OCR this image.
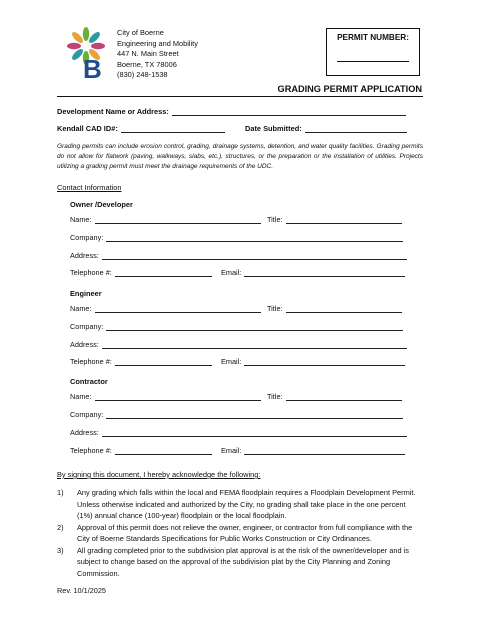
B
City of Boerne
Engineering and Mobility
447 N. Main Street
Boerne, TX 78006
(830) 248-1538
PERMIT NUMBER:
GRADING PERMIT APPLICATION
Development Name or Address:
Kendall CAD ID#:	Date Submitted:
Grading permits can include erosion control, grading, drainage systems, detention, and water quality facilities. Grading permits do not allow for flatwork (paving, walkways, slabs, etc.), structures, or the preparation or the installation of utilities. Projects utilizing a grading permit must meet the drainage requirements of the UDC.
Contact Information
Owner /Developer
Name:	Title:
Company:
Address:
Telephone #:	Email:
Engineer
Name:	Title:
Company:
Address:
Telephone #:	Email:
Contractor
Name:	Title:
Company:
Address:
Telephone #:	Email:
By signing this document, I hereby acknowledge the following:
1)	Any grading which falls within the local and FEMA floodplain requires a Floodplain Development Permit. Unless otherwise indicated and authorized by the City, no grading shall take place in the one percent (1%) annual chance (100-year) floodplain or the local floodplain.
2)	Approval of this permit does not relieve the owner, engineer, or contractor from full compliance with the City of Boerne Standards Specifications for Public Works Construction or City Ordinances.
3)	All grading completed prior to the subdivision plat approval is at the risk of the owner/developer and is subject to change based on the approval of the subdivision plat by the City Planning and Zoning Commission.
Rev. 10/1/2025
